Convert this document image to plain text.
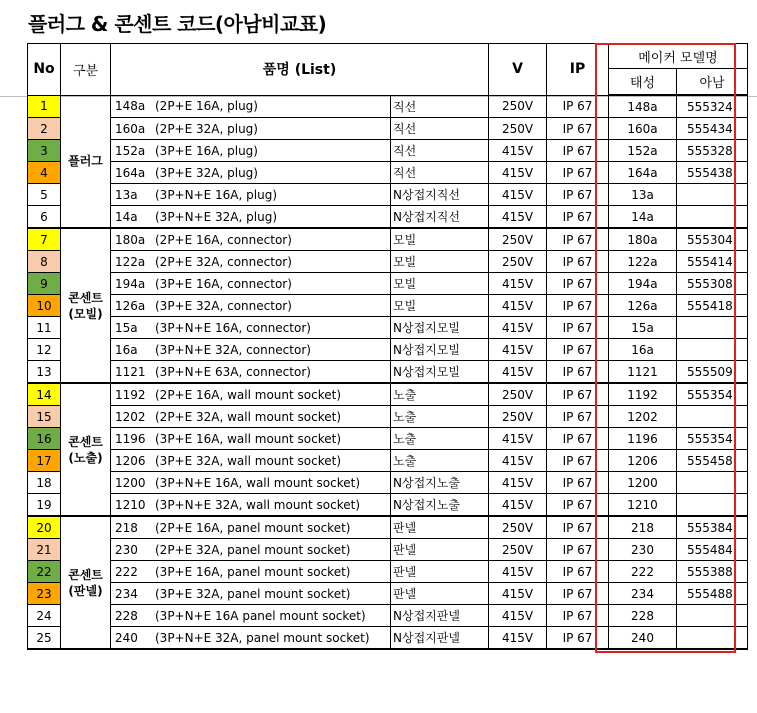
플러그 & 콘센트 코드(아남비교표)
No	구분	품명 (List)		V	IP	메이커 모델명	
						태성	아남
1	플러그	148a (2P+E 16A, plug)	직선	250V	IP 67	148a	555324
2		160a (2P+E 32A, plug)	직선	250V	IP 67	160a	555434
3		152a (3P+E 16A, plug)	직선	415V	IP 67	152a	555328
4		164a (3P+E 32A, plug)	직선	415V	IP 67	164a	555438
5		13a (3P+N+E 16A, plug)	N상접지직선	415V	IP 67	13a	
6		14a (3P+N+E 32A, plug)	N상접지직선	415V	IP 67	14a	
7	콘센트 (모빌)	180a (2P+E 16A, connector)	모빌	250V	IP 67	180a	555304
8		122a (2P+E 32A, connector)	모빌	250V	IP 67	122a	555414
9		194a (3P+E 16A, connector)	모빌	415V	IP 67	194a	555308
10		126a (3P+E 32A, connector)	모빌	415V	IP 67	126a	555418
11		15a (3P+N+E 16A, connector)	N상접지모빌	415V	IP 67	15a	
12		16a (3P+N+E 32A, connector)	N상접지모빌	415V	IP 67	16a	
13		1121 (3P+N+E 63A, connector)	N상접지모빌	415V	IP 67	1121	555509
14	콘센트 (노출)	1192 (2P+E 16A, wall mount socket)	노출	250V	IP 67	1192	555354
15		1202 (2P+E 32A, wall mount socket)	노출	250V	IP 67	1202	
16		1196 (3P+E 16A, wall mount socket)	노출	415V	IP 67	1196	555354
17		1206 (3P+E 32A, wall mount socket)	노출	415V	IP 67	1206	555458
18		1200 (3P+N+E 16A, wall mount socket)	N상접지노출	415V	IP 67	1200	
19		1210 (3P+N+E 32A, wall mount socket)	N상접지노출	415V	IP 67	1210	
20	콘센트 (판넬)	218 (2P+E 16A, panel mount socket)	판넬	250V	IP 67	218	555384
21		230 (2P+E 32A, panel mount socket)	판넬	250V	IP 67	230	555484
22		222 (3P+E 16A, panel mount socket)	판넬	415V	IP 67	222	555388
23		234 (3P+E 32A, panel mount socket)	판넬	415V	IP 67	234	555488
24		228 (3P+N+E 16A panel mount socket)	N상접지판넬	415V	IP 67	228	
25		240 (3P+N+E 32A, panel mount socket)	N상접지판넬	415V	IP 67	240	
